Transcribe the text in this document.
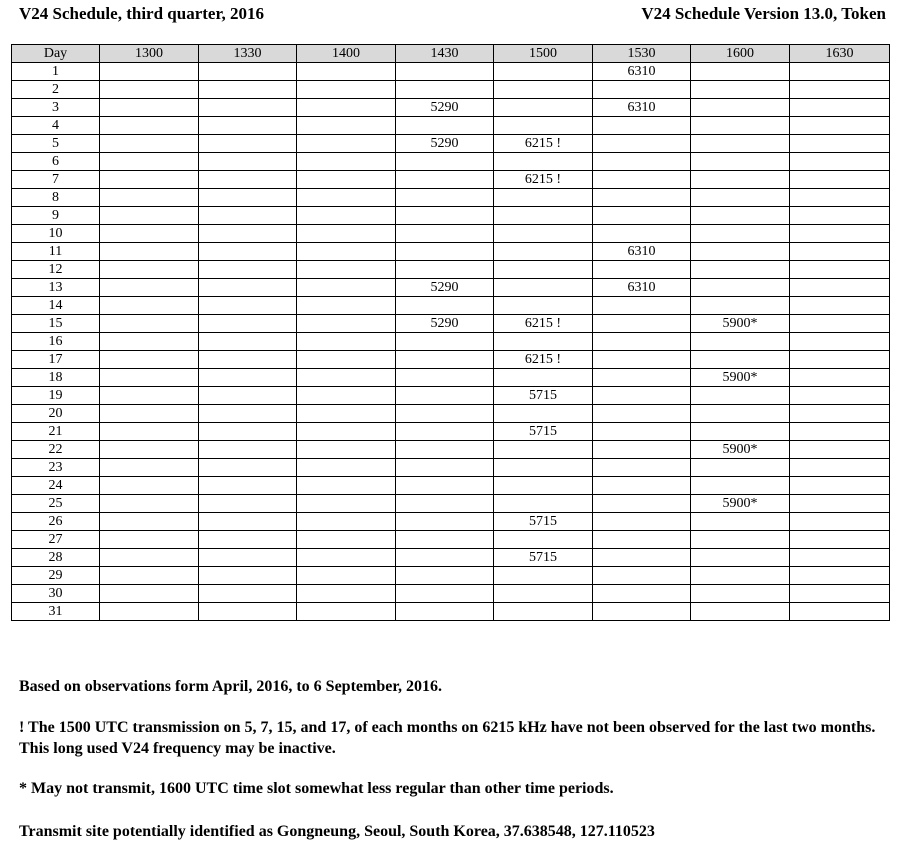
V24 Schedule, third quarter, 2016	V24 Schedule Version 13.0, Token
Day	1300	1330	1400	1430	1500	1530	1600	1630
1						6310		
2								
3				5290		6310		
4								
5				5290	6215 !			
6								
7					6215 !			
8								
9								
10								
11						6310		
12								
13				5290		6310		
14								
15				5290	6215 !		5900*	
16								
17					6215 !			
18							5900*	
19					5715			
20								
21					5715			
22							5900*	
23								
24								
25							5900*	
26					5715			
27								
28					5715			
29								
30								
31								

Based on observations form April, 2016, to 6 September, 2016.

! The 1500 UTC transmission on 5, 7, 15, and 17, of each months on 6215 kHz have not been observed for the last two months. This long used V24 frequency may be inactive.

* May not transmit, 1600 UTC time slot somewhat less regular than other time periods.

Transmit site potentially identified as Gongneung, Seoul, South Korea, 37.638548, 127.110523
